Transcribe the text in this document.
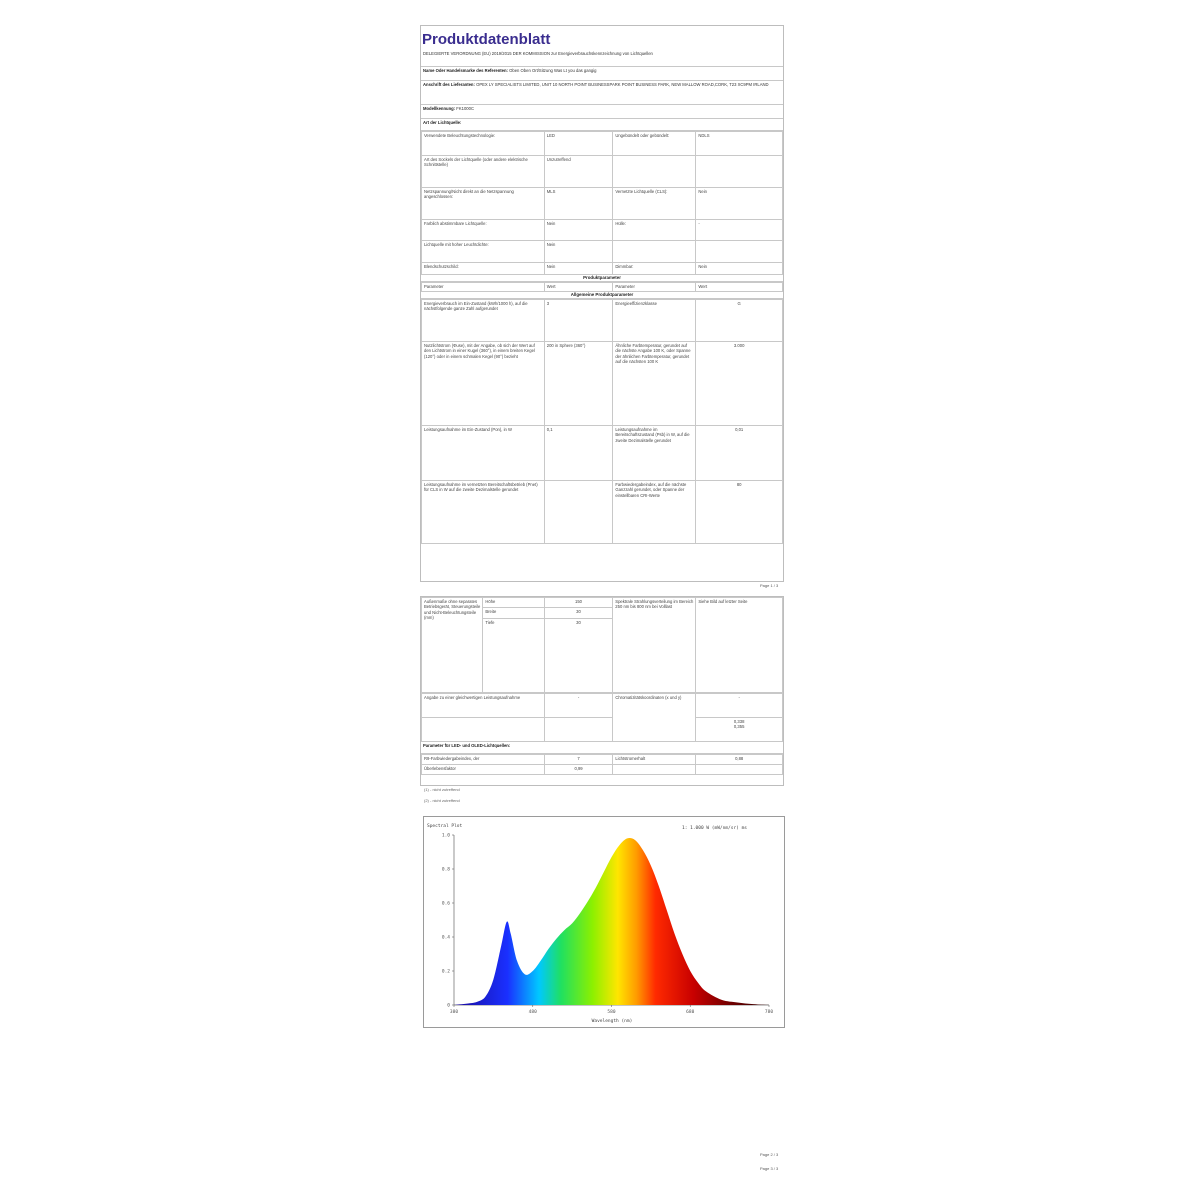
Produktdatenblatt
DELEGIERTE VERORDNUNG (EU) 2019/2015 DER KOMMISSION zur Energieverbrauchskennzeichnung von Lichtquellen
Name Oder Handelsmarke des Referenten: Oben Oben Ort/Sitzung Was Lt you das gangig
Anschrift des Lieferanten: OPEX LY SPECIALISTS LIMITED, UNIT 10 NORTH POINT BUSINESSPARK POINT BUSINESS PARK, NEW MALLOW ROAD,CORK, T23 XC9PM IRLAND
Modellkennung: FK1000C
Art der Lichtquelle:
Verwendete Beleuchtungstechnologie:	LED	Ungebündelt oder gebündelt:	NDLS
Art des Sockels der Lichtquelle (oder andere elektrische Schnittstelle)	Unzutreffend		
Netzspannung/Nicht direkt an die Netzspannung angeschlossen:	MLS	Vernetzte Lichtquelle (CLS):	Nein
Farblich abstimmbare Lichtquelle:	Nein	Hülle:	-
Lichtquelle mit hoher Leuchtdichte:	Nein		
Blendschutzschild:	Nein	Dimmbar:	Nein
Produktparameter
Parameter	Wert	Parameter	Wert
Allgemeine Produktparameter
Energieverbrauch im Ein-Zustand (kWh/1000 h), auf die nächstfolgende ganze Zahl aufgerundet	3	Energieeffizienzklasse	G
Nutzlichtstrom (Φuse), mit der Angabe, ob sich der Wert auf den Lichtstrom in einer Kugel (360°), in einem breiten Kegel (120°) oder in einem schmalen Kegel (90°) bezieht	200 in Sphere (360°)	Ähnliche Farbtemperatur, gerundet auf die nächste Angabe 100 K, oder Spanne der ähnlichen Farbtemperatur, gerundet auf die nächsten 100 K	3.000
Leistungsaufnahme im Ein-Zustand (Pon), in W	0,1	Leistungsaufnahme im Bereitschaftszustand (Psb) in W, auf die zweite Dezimalstelle gerundet	0,01
Leistungsaufnahme im vernetzten Bereitschaftsbetrieb (Pnet) für CLS in W auf die zweite Dezimalstelle gerundet		Farbwiedergabeindex, auf die nächste Ganzzahl gerundet, oder Spanne der einstellbaren CRI-Werte	80
Page 1 / 3
Außenmaße ohne separates Betriebsgerät, Steuerungsteile und Nicht-Beleuchtungsteile (mm)	Höhe	150	Spektrale Strahlungsverteilung im Bereich 250 nm bis 800 nm bei Volllast	Siehe Bild auf letzter Seite
	Breite	30		
	Tiefe	30		
Angabe zu einer gleichwertigen Leistungsaufnahme	-	Chromatizitätskoordinaten (x und y)	-

			0,338
0,355
Parameter für LED- und OLED-Lichtquellen:
R9-Farbwiedergabeindex, der	7	Lichtstromerhalt	0,88
Überlebensfaktor	0,99		
(1) - nicht zutreffend
(2) - nicht zutreffend
Spectral Plot	1: 1.000 W (mW/nm/sr) ms
Wavelength (nm)
0
0.2
0.4
0.6
0.8
1.0
380	480	580	680	780
Page 2 / 3
Page 3 / 3
